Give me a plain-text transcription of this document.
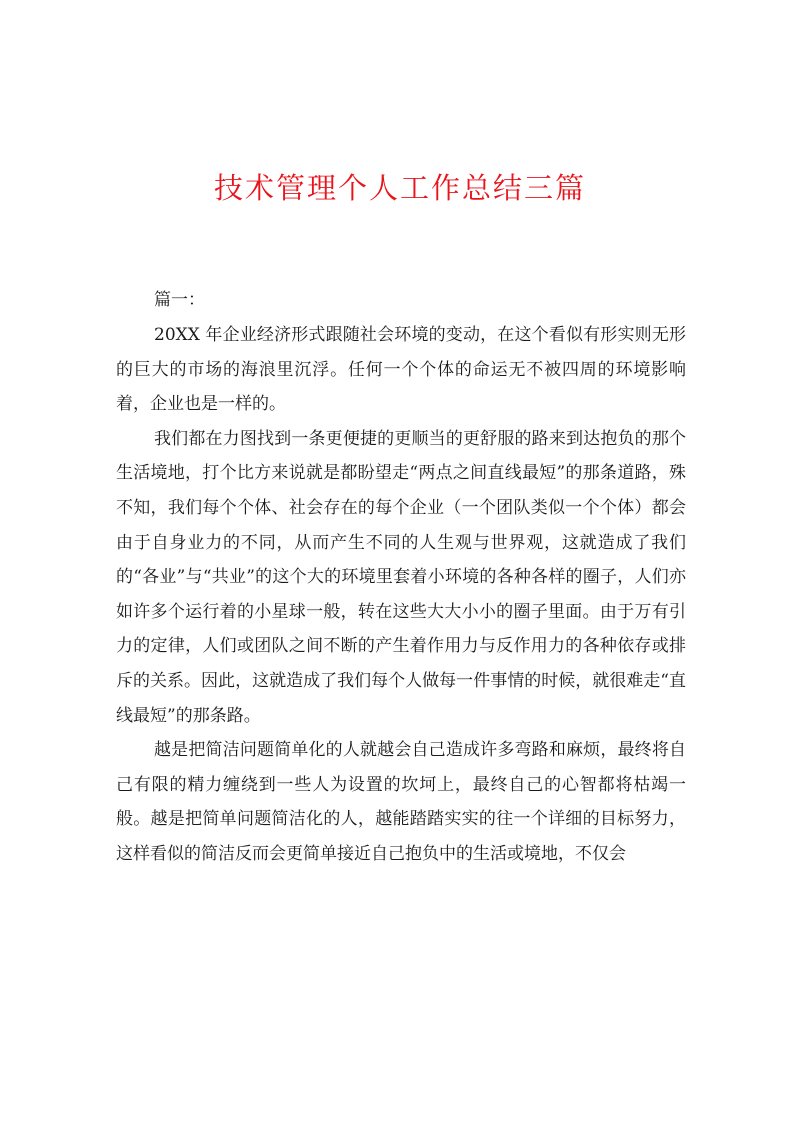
技术管理个人工作总结三篇

篇一：

20XX 年企业经济形式跟随社会环境的变动，在这个看似有形实则无形的巨大的市场的海浪里沉浮。任何一个个体的命运无不被四周的环境影响着，企业也是一样的。

我们都在力图找到一条更便捷的更顺当的更舒服的路来到达抱负的那个生活境地，打个比方来说就是都盼望走“两点之间直线最短”的那条道路，殊不知，我们每个个体、社会存在的每个企业（一个团队类似一个个体）都会由于自身业力的不同，从而产生不同的人生观与世界观，这就造成了我们的“各业”与“共业”的这个大的环境里套着小环境的各种各样的圈子，人们亦如许多个运行着的小星球一般，转在这些大大小小的圈子里面。由于万有引力的定律，人们或团队之间不断的产生着作用力与反作用力的各种依存或排斥的关系。因此，这就造成了我们每个人做每一件事情的时候，就很难走“直线最短”的那条路。

越是把简洁问题简单化的人就越会自己造成许多弯路和麻烦，最终将自己有限的精力缠绕到一些人为设置的坎坷上，最终自己的心智都将枯竭一般。越是把简单问题简洁化的人，越能踏踏实实的往一个详细的目标努力，这样看似的简洁反而会更简单接近自己抱负中的生活或境地，不仅会
